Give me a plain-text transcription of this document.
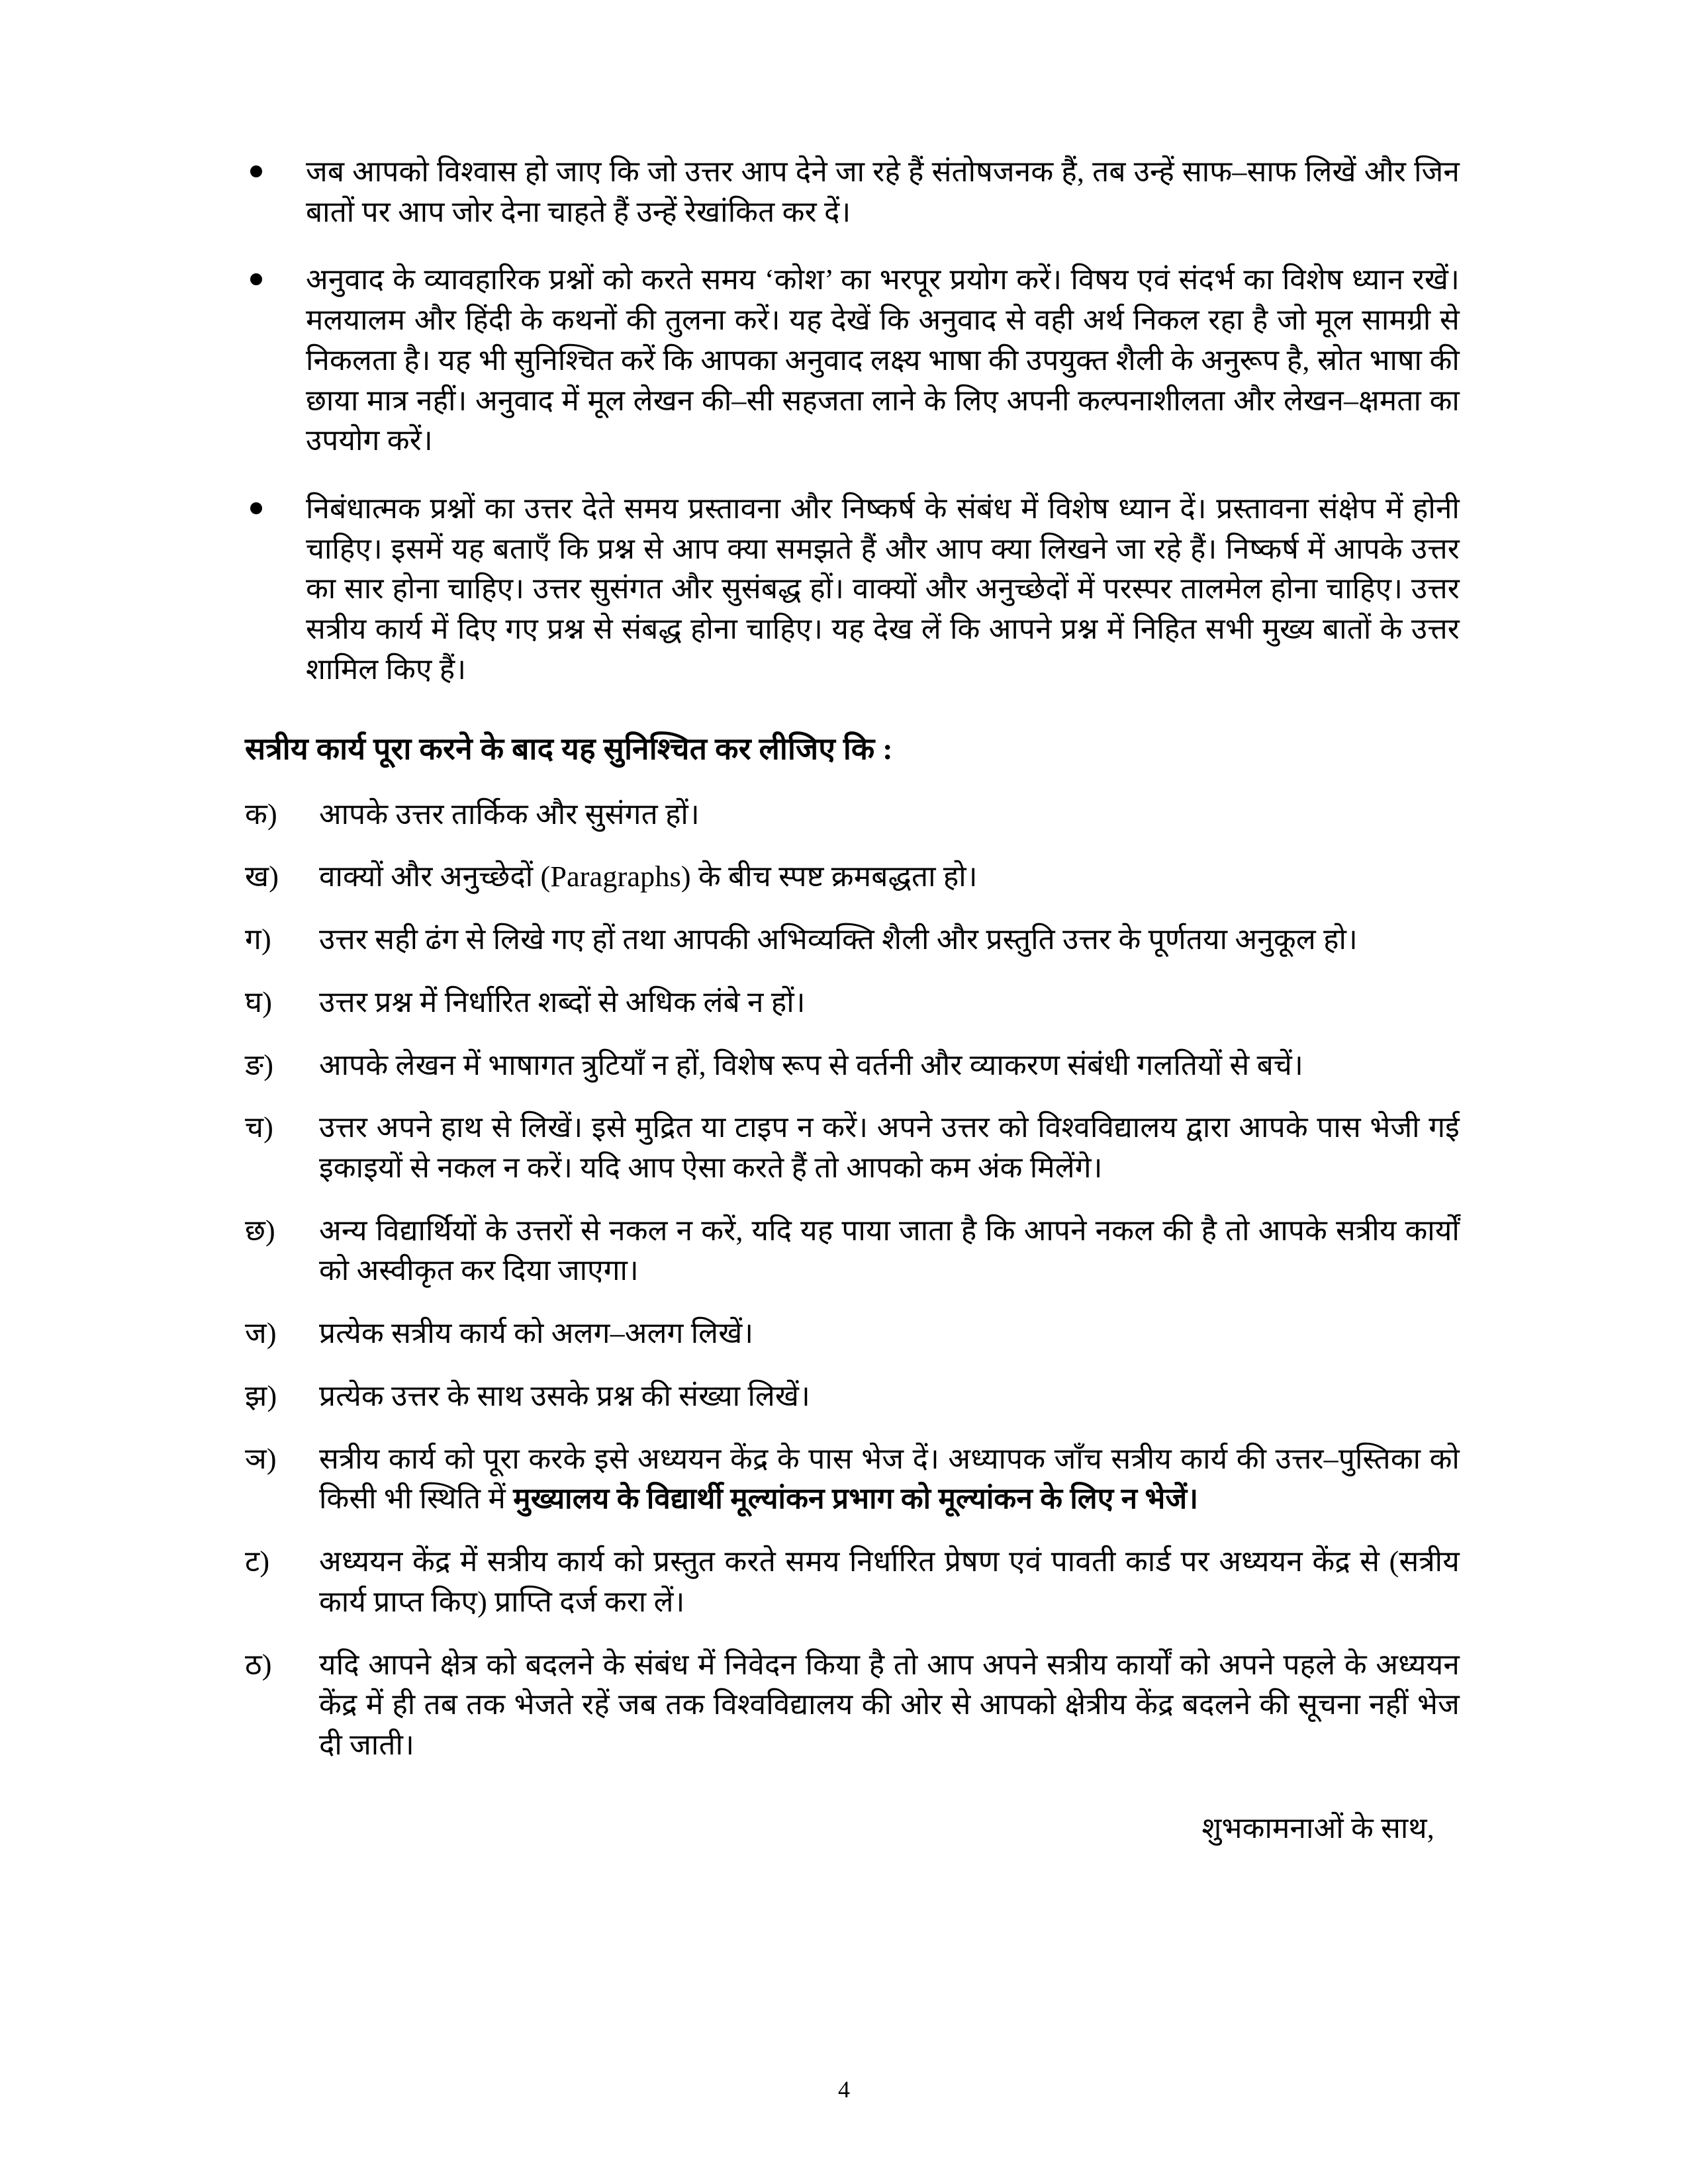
जब आपको विश्वास हो जाए कि जो उत्तर आप देने जा रहे हैं संतोषजनक हैं, तब उन्हें साफ–साफ लिखें और जिन बातों पर आप जोर देना चाहते हैं उन्हें रेखांकित कर दें।
अनुवाद के व्यावहारिक प्रश्नों को करते समय ‘कोश’ का भरपूर प्रयोग करें। विषय एवं संदर्भ का विशेष ध्यान रखें। मलयालम और हिंदी के कथनों की तुलना करें। यह देखें कि अनुवाद से वही अर्थ निकल रहा है जो मूल सामग्री से निकलता है। यह भी सुनिश्चित करें कि आपका अनुवाद लक्ष्य भाषा की उपयुक्त शैली के अनुरूप है, स्रोत भाषा की छाया मात्र नहीं। अनुवाद में मूल लेखन की–सी सहजता लाने के लिए अपनी कल्पनाशीलता और लेखन–क्षमता का उपयोग करें।
निबंधात्मक प्रश्नों का उत्तर देते समय प्रस्तावना और निष्कर्ष के संबंध में विशेष ध्यान दें। प्रस्तावना संक्षेप में होनी चाहिए। इसमें यह बताएँ कि प्रश्न से आप क्या समझते हैं और आप क्या लिखने जा रहे हैं। निष्कर्ष में आपके उत्तर का सार होना चाहिए। उत्तर सुसंगत और सुसंबद्ध हों। वाक्यों और अनुच्छेदों में परस्पर तालमेल होना चाहिए। उत्तर सत्रीय कार्य में दिए गए प्रश्न से संबद्ध होना चाहिए। यह देख लें कि आपने प्रश्न में निहित सभी मुख्य बातों के उत्तर शामिल किए हैं।
सत्रीय कार्य पूरा करने के बाद यह सुनिश्चित कर लीजिए कि :
क)	आपके उत्तर तार्किक और सुसंगत हों।
ख)	वाक्यों और अनुच्छेदों (Paragraphs) के बीच स्पष्ट क्रमबद्धता हो।
ग)	उत्तर सही ढंग से लिखे गए हों तथा आपकी अभिव्यक्ति शैली और प्रस्तुति उत्तर के पूर्णतया अनुकूल हो।
घ)	उत्तर प्रश्न में निर्धारित शब्दों से अधिक लंबे न हों।
ङ)	आपके लेखन में भाषागत त्रुटियाँ न हों, विशेष रूप से वर्तनी और व्याकरण संबंधी गलतियों से बचें।
च)	उत्तर अपने हाथ से लिखें। इसे मुद्रित या टाइप न करें। अपने उत्तर को विश्वविद्यालय द्वारा आपके पास भेजी गई इकाइयों से नकल न करें। यदि आप ऐसा करते हैं तो आपको कम अंक मिलेंगे।
छ)	अन्य विद्यार्थियों के उत्तरों से नकल न करें, यदि यह पाया जाता है कि आपने नकल की है तो आपके सत्रीय कार्यों को अस्वीकृत कर दिया जाएगा।
ज)	प्रत्येक सत्रीय कार्य को अलग–अलग लिखें।
झ)	प्रत्येक उत्तर के साथ उसके प्रश्न की संख्या लिखें।
ञ)	सत्रीय कार्य को पूरा करके इसे अध्ययन केंद्र के पास भेज दें। अध्यापक जाँच सत्रीय कार्य की उत्तर–पुस्तिका को किसी भी स्थिति में मुख्यालय के विद्यार्थी मूल्यांकन प्रभाग को मूल्यांकन के लिए न भेजें।
ट)	अध्ययन केंद्र में सत्रीय कार्य को प्रस्तुत करते समय निर्धारित प्रेषण एवं पावती कार्ड पर अध्ययन केंद्र से (सत्रीय कार्य प्राप्त किए) प्राप्ति दर्ज करा लें।
ठ)	यदि आपने क्षेत्र को बदलने के संबंध में निवेदन किया है तो आप अपने सत्रीय कार्यों को अपने पहले के अध्ययन केंद्र में ही तब तक भेजते रहें जब तक विश्वविद्यालय की ओर से आपको क्षेत्रीय केंद्र बदलने की सूचना नहीं भेज दी जाती।
शुभकामनाओं के साथ,
4
